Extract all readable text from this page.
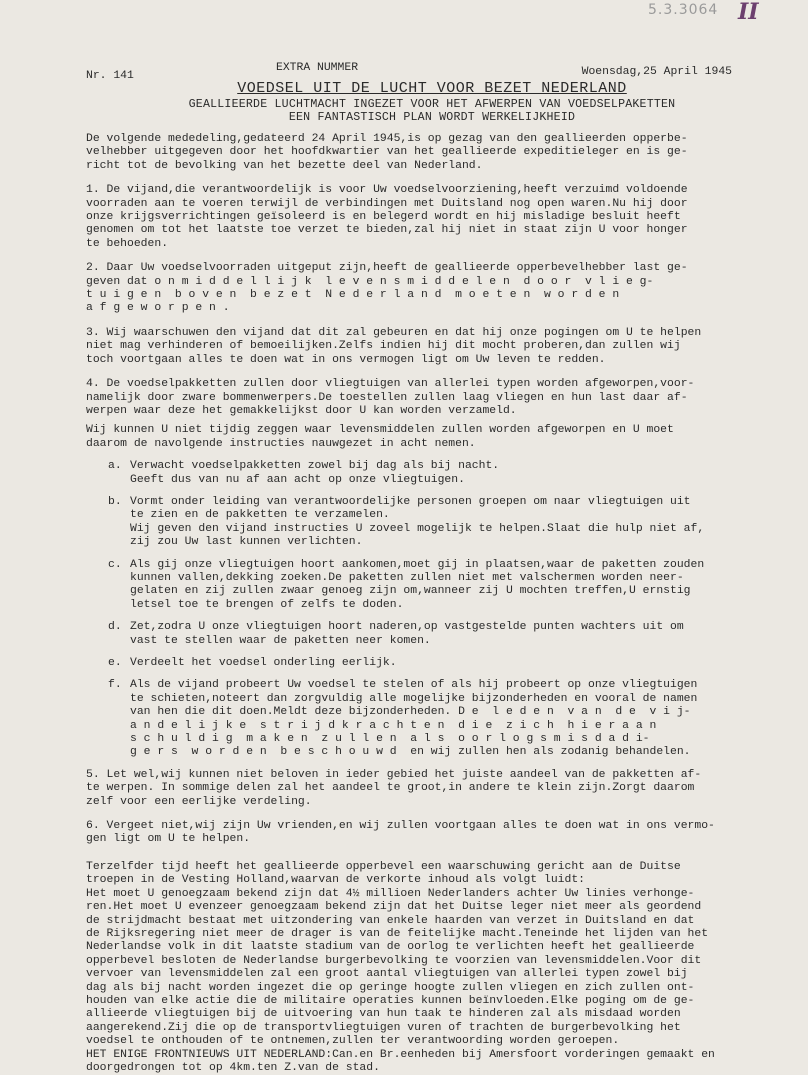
5.3.3064 II
Nr. 141
EXTRA NUMMER	Woensdag,25 April 1945
VOEDSEL UIT DE LUCHT VOOR BEZET NEDERLAND
GEALLIEERDE LUCHTMACHT INGEZET VOOR HET AFWERPEN VAN VOEDSELPAKETTEN
EEN FANTASTISCH PLAN WORDT WERKELIJKHEID

De volgende mededeling,gedateerd 24 April 1945,is op gezag van den geallieerden opperbe-
velhebber uitgegeven door het hoofdkwartier van het geallieerde expeditieleger en is ge-
richt tot de bevolking van het bezette deel van Nederland.

1. De vijand,die verantwoordelijk is voor Uw voedselvoorziening,heeft verzuimd voldoende
voorraden aan te voeren terwijl de verbindingen met Duitsland nog open waren.Nu hij door
onze krijgsverrichtingen geïsoleerd is en belegerd wordt en hij misladige besluit heeft
genomen om tot het laatste toe verzet te bieden,zal hij niet in staat zijn U voor honger
te behoeden.

2. Daar Uw voedselvoorraden uitgeput zijn,heeft de geallieerde opperbevelhebber last ge-
geven dat o n m i d d e l l i j k  l e v e n s m i d d e l e n  d o o r  v l i e g-
t u i g e n  b o v e n  b e z e t  N e d e r l a n d  m o e t e n  w o r d e n
a f g e w o r p e n .

3. Wij waarschuwen den vijand dat dit zal gebeuren en dat hij onze pogingen om U te helpen
niet mag verhinderen of bemoeilijken.Zelfs indien hij dit mocht proberen,dan zullen wij
toch voortgaan alles te doen wat in ons vermogen ligt om Uw leven te redden.

4. De voedselpakketten zullen door vliegtuigen van allerlei typen worden afgeworpen,voor-
namelijk door zware bommenwerpers.De toestellen zullen laag vliegen en hun last daar af-
werpen waar deze het gemakkelijkst door U kan worden verzameld.

Wij kunnen U niet tijdig zeggen waar levensmiddelen zullen worden afgeworpen en U moet
daarom de navolgende instructies nauwgezet in acht nemen.

a. Verwacht voedselpakketten zowel bij dag als bij nacht.
Geeft dus van nu af aan acht op onze vliegtuigen.
b. Vormt onder leiding van verantwoordelijke personen groepen om naar vliegtuigen uit
te zien en de pakketten te verzamelen.
Wij geven den vijand instructies U zoveel mogelijk te helpen.Slaat die hulp niet af,
zij zou Uw last kunnen verlichten.
c. Als gij onze vliegtuigen hoort aankomen,moet gij in plaatsen,waar de paketten zouden
kunnen vallen,dekking zoeken.De paketten zullen niet met valschermen worden neer-
gelaten en zij zullen zwaar genoeg zijn om,wanneer zij U mochten treffen,U ernstig
letsel toe te brengen of zelfs te doden.
d. Zet,zodra U onze vliegtuigen hoort naderen,op vastgestelde punten wachters uit om
vast te stellen waar de paketten neer komen.
e. Verdeelt het voedsel onderling eerlijk.
f. Als de vijand probeert Uw voedsel te stelen of als hij probeert op onze vliegtuigen
te schieten,noteert dan zorgvuldig alle mogelijke bijzonderheden en vooral de namen
van hen die dit doen.Meldt deze bijzonderheden. D e  l e d e n  v a n  d e  v i j-
a n d e l i j k e  s t r i j d k r a c h t e n  d i e  z i c h  h i e r a a n
s c h u l d i g  m a k e n  z u l l e n  a l s  o o r l o g s m i s d a d i-
g e r s  w o r d e n  b e s c h o u w d  en wij zullen hen als zodanig behandelen.

5. Let wel,wij kunnen niet beloven in ieder gebied het juiste aandeel van de pakketten af-
te werpen. In sommige delen zal het aandeel te groot,in andere te klein zijn.Zorgt daarom
zelf voor een eerlijke verdeling.

6. Vergeet niet,wij zijn Uw vrienden,en wij zullen voortgaan alles te doen wat in ons vermo-
gen ligt om U te helpen.

Terzelfder tijd heeft het geallieerde opperbevel een waarschuwing gericht aan de Duitse
troepen in de Vesting Holland,waarvan de verkorte inhoud als volgt luidt:
Het moet U genoegzaam bekend zijn dat 4½ millioen Nederlanders achter Uw linies verhonge-
ren.Het moet U evenzeer genoegzaam bekend zijn dat het Duitse leger niet meer als geordend
de strijdmacht bestaat met uitzondering van enkele haarden van verzet in Duitsland en dat
de Rijksregering niet meer de drager is van de feitelijke macht.Teneinde het lijden van het
Nederlandse volk in dit laatste stadium van de oorlog te verlichten heeft het geallieerde
opperbevel besloten de Nederlandse burgerbevolking te voorzien van levensmiddelen.Voor dit
vervoer van levensmiddelen zal een groot aantal vliegtuigen van allerlei typen zowel bij
dag als bij nacht worden ingezet die op geringe hoogte zullen vliegen en zich zullen ont-
houden van elke actie die de militaire operaties kunnen beïnvloeden.Elke poging om de ge-
allieerde vliegtuigen bij de uitvoering van hun taak te hinderen zal als misdaad worden
aangerekend.Zij die op de transportvliegtuigen vuren of trachten de burgerbevolking het
voedsel te onthouden of te ontnemen,zullen ter verantwoording worden geroepen.

HET ENIGE FRONTNIEUWS UIT NEDERLAND:Can.en Br.eenheden bij Amersfoort vorderingen gemaakt en
doorgedrongen tot op 4km.ten Z.van de stad.
